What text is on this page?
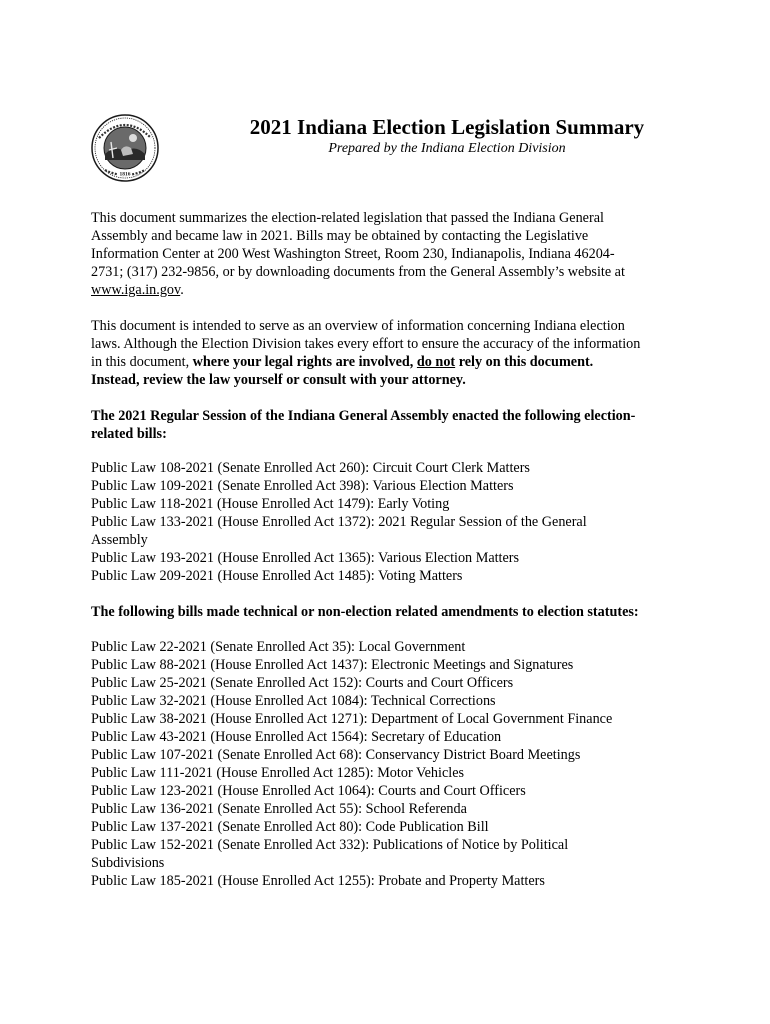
1816
2021 Indiana Election Legislation Summary
Prepared by the Indiana Election Division
This document summarizes the election-related legislation that passed the Indiana General
Assembly and became law in 2021. Bills may be obtained by contacting the Legislative
Information Center at 200 West Washington Street, Room 230, Indianapolis, Indiana 46204-
2731; (317) 232-9856, or by downloading documents from the General Assembly’s website at
www.iga.in.gov.
This document is intended to serve as an overview of information concerning Indiana election
laws. Although the Election Division takes every effort to ensure the accuracy of the information
in this document, where your legal rights are involved, do not rely on this document.
Instead, review the law yourself or consult with your attorney.
The 2021 Regular Session of the Indiana General Assembly enacted the following election-
related bills:
Public Law 108-2021 (Senate Enrolled Act 260): Circuit Court Clerk Matters
Public Law 109-2021 (Senate Enrolled Act 398): Various Election Matters
Public Law 118-2021 (House Enrolled Act 1479): Early Voting
Public Law 133-2021 (House Enrolled Act 1372): 2021 Regular Session of the General
Assembly
Public Law 193-2021 (House Enrolled Act 1365): Various Election Matters
Public Law 209-2021 (House Enrolled Act 1485): Voting Matters
The following bills made technical or non-election related amendments to election statutes:
Public Law 22-2021 (Senate Enrolled Act 35): Local Government
Public Law 88-2021 (House Enrolled Act 1437): Electronic Meetings and Signatures
Public Law 25-2021 (Senate Enrolled Act 152): Courts and Court Officers
Public Law 32-2021 (House Enrolled Act 1084): Technical Corrections
Public Law 38-2021 (House Enrolled Act 1271): Department of Local Government Finance
Public Law 43-2021 (House Enrolled Act 1564): Secretary of Education
Public Law 107-2021 (Senate Enrolled Act 68): Conservancy District Board Meetings
Public Law 111-2021 (House Enrolled Act 1285): Motor Vehicles
Public Law 123-2021 (House Enrolled Act 1064): Courts and Court Officers
Public Law 136-2021 (Senate Enrolled Act 55): School Referenda
Public Law 137-2021 (Senate Enrolled Act 80): Code Publication Bill
Public Law 152-2021 (Senate Enrolled Act 332): Publications of Notice by Political
Subdivisions
Public Law 185-2021 (House Enrolled Act 1255): Probate and Property Matters
